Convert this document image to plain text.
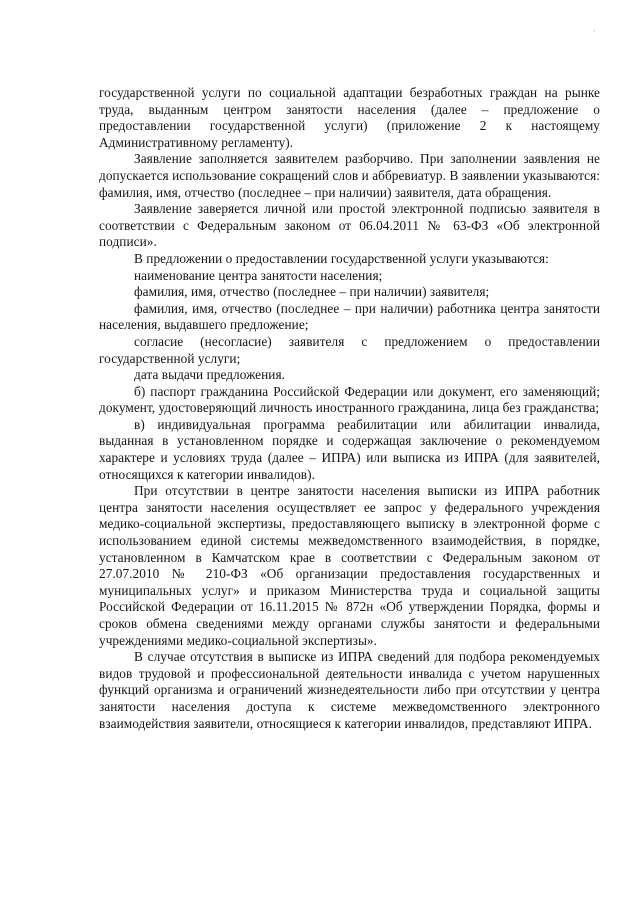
·

государственной услуги по социальной адаптации безработных граждан на рынке труда, выданным центром занятости населения (далее – предложение о предоставлении государственной услуги) (приложение 2 к настоящему Административному регламенту).

Заявление заполняется заявителем разборчиво. При заполнении заявления не допускается использование сокращений слов и аббревиатур. В заявлении указываются: фамилия, имя, отчество (последнее – при наличии) заявителя, дата обращения.

Заявление заверяется личной или простой электронной подписью заявителя в соответствии с Федеральным законом от 06.04.2011 № 63-ФЗ «Об электронной подписи».

В предложении о предоставлении государственной услуги указываются:

наименование центра занятости населения;

фамилия, имя, отчество (последнее – при наличии) заявителя;

фамилия, имя, отчество (последнее – при наличии) работника центра занятости населения, выдавшего предложение;

согласие (несогласие) заявителя с предложением о предоставлении государственной услуги;

дата выдачи предложения.

б) паспорт гражданина Российской Федерации или документ, его заменяющий; документ, удостоверяющий личность иностранного гражданина, лица без гражданства;

в) индивидуальная программа реабилитации или абилитации инвалида, выданная в установленном порядке и содержащая заключение о рекомендуемом характере и условиях труда (далее – ИПРА) или выписка из ИПРА (для заявителей, относящихся к категории инвалидов).

При отсутствии в центре занятости населения выписки из ИПРА работник центра занятости населения осуществляет ее запрос у федерального учреждения медико-социальной экспертизы, предоставляющего выписку в электронной форме с использованием единой системы межведомственного взаимодействия, в порядке, установленном в Камчатском крае в соответствии с Федеральным законом от 27.07.2010 № 210-ФЗ «Об организации предоставления государственных и муниципальных услуг» и приказом Министерства труда и социальной защиты Российской Федерации от 16.11.2015 № 872н «Об утверждении Порядка, формы и сроков обмена сведениями между органами службы занятости и федеральными учреждениями медико-социальной экспертизы».

В случае отсутствия в выписке из ИПРА сведений для подбора рекомендуемых видов трудовой и профессиональной деятельности инвалида с учетом нарушенных функций организма и ограничений жизнедеятельности либо при отсутствии у центра занятости населения доступа к системе межведомственного электронного взаимодействия заявители, относящиеся к категории инвалидов, представляют ИПРА.
